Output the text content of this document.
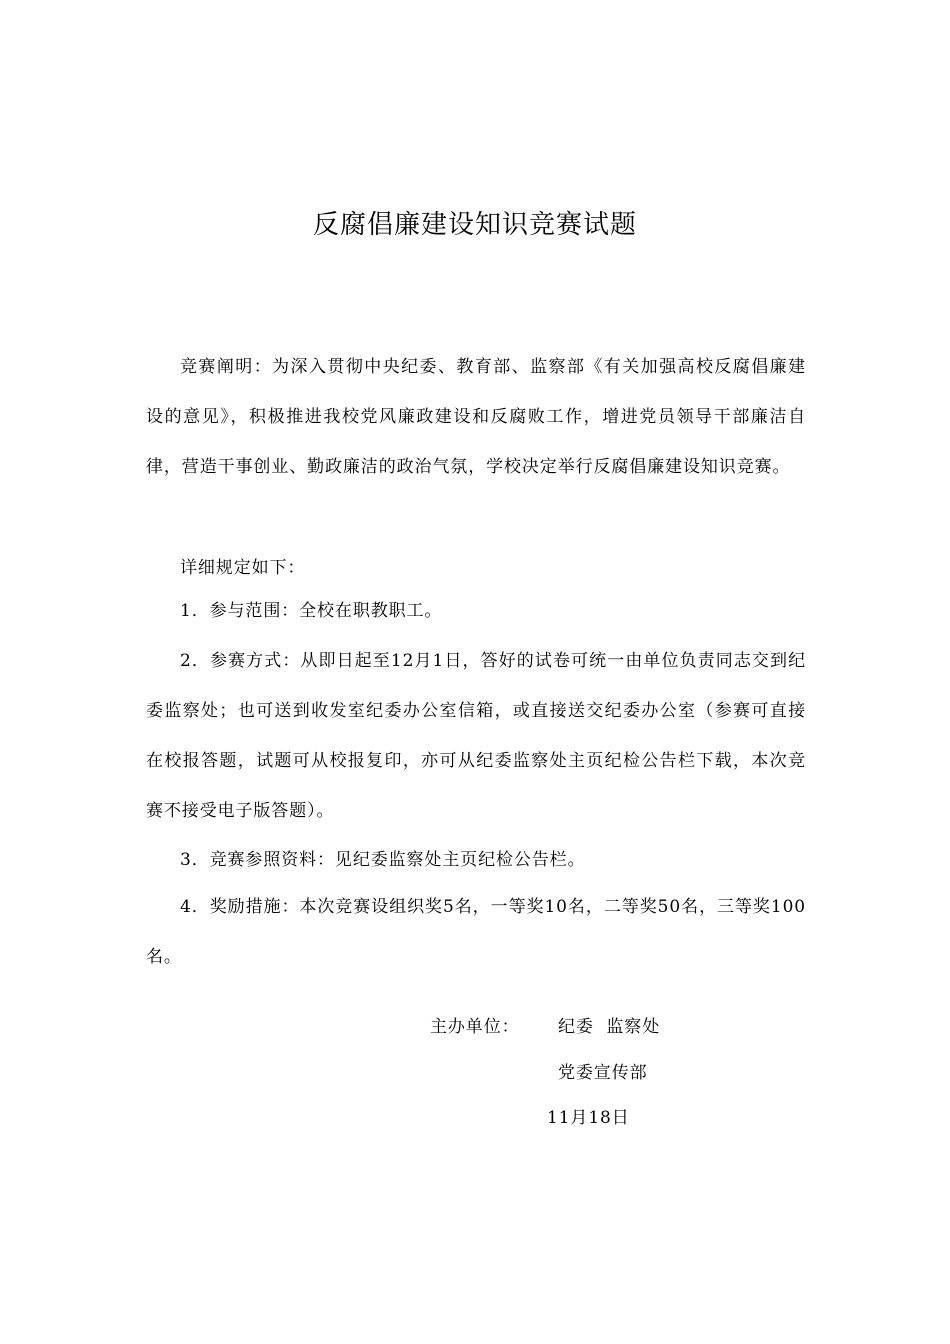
反腐倡廉建设知识竞赛试题
竞赛阐明：为深入贯彻中央纪委、教育部、监察部《有关加强高校反腐倡廉建设的意见》，积极推进我校党风廉政建设和反腐败工作，增进党员领导干部廉洁自律，营造干事创业、勤政廉洁的政治气氛，学校决定举行反腐倡廉建设知识竞赛。
详细规定如下：
1．参与范围：全校在职教职工。
2．参赛方式：从即日起至12月1日，答好的试卷可统一由单位负责同志交到纪委监察处；也可送到收发室纪委办公室信箱，或直接送交纪委办公室（参赛可直接在校报答题，试题可从校报复印，亦可从纪委监察处主页纪检公告栏下载，本次竞赛不接受电子版答题）。
3．竞赛参照资料：见纪委监察处主页纪检公告栏。
4．奖励措施：本次竞赛设组织奖5名，一等奖10名，二等奖50名，三等奖100名。
主办单位： 纪委  监察处
党委宣传部
11月18日
